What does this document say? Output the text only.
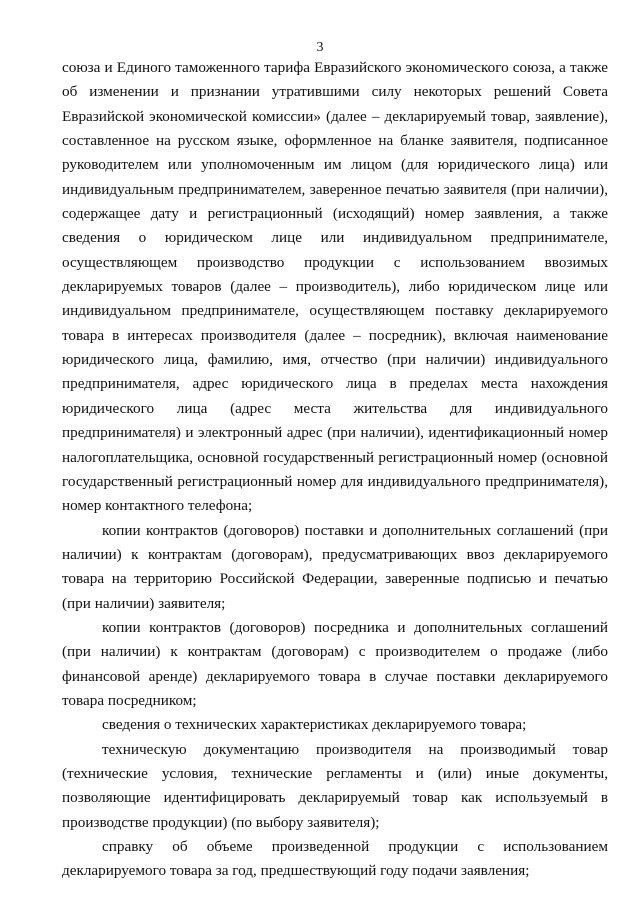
3

союза и Единого таможенного тарифа Евразийского экономического союза, а также об изменении и признании утратившими силу некоторых решений Совета Евразийской экономической комиссии» (далее – декларируемый товар, заявление), составленное на русском языке, оформленное на бланке заявителя, подписанное руководителем или уполномоченным им лицом (для юридического лица) или индивидуальным предпринимателем, заверенное печатью заявителя (при наличии), содержащее дату и регистрационный (исходящий) номер заявления, а также сведения о юридическом лице или индивидуальном предпринимателе, осуществляющем производство продукции с использованием ввозимых декларируемых товаров (далее – производитель), либо юридическом лице или индивидуальном предпринимателе, осуществляющем поставку декларируемого товара в интересах производителя (далее – посредник), включая наименование юридического лица, фамилию, имя, отчество (при наличии) индивидуального предпринимателя, адрес юридического лица в пределах места нахождения юридического лица (адрес места жительства для индивидуального предпринимателя) и электронный адрес (при наличии), идентификационный номер налогоплательщика, основной государственный регистрационный номер (основной государственный регистрационный номер для индивидуального предпринимателя), номер контактного телефона;

копии контрактов (договоров) поставки и дополнительных соглашений (при наличии) к контрактам (договорам), предусматривающих ввоз декларируемого товара на территорию Российской Федерации, заверенные подписью и печатью (при наличии) заявителя;

копии контрактов (договоров) посредника и дополнительных соглашений (при наличии) к контрактам (договорам) с производителем о продаже (либо финансовой аренде) декларируемого товара в случае поставки декларируемого товара посредником;

сведения о технических характеристиках декларируемого товара;

техническую документацию производителя на производимый товар (технические условия, технические регламенты и (или) иные документы, позволяющие идентифицировать декларируемый товар как используемый в производстве продукции) (по выбору заявителя);

справку об объеме произведенной продукции с использованием декларируемого товара за год, предшествующий году подачи заявления;
